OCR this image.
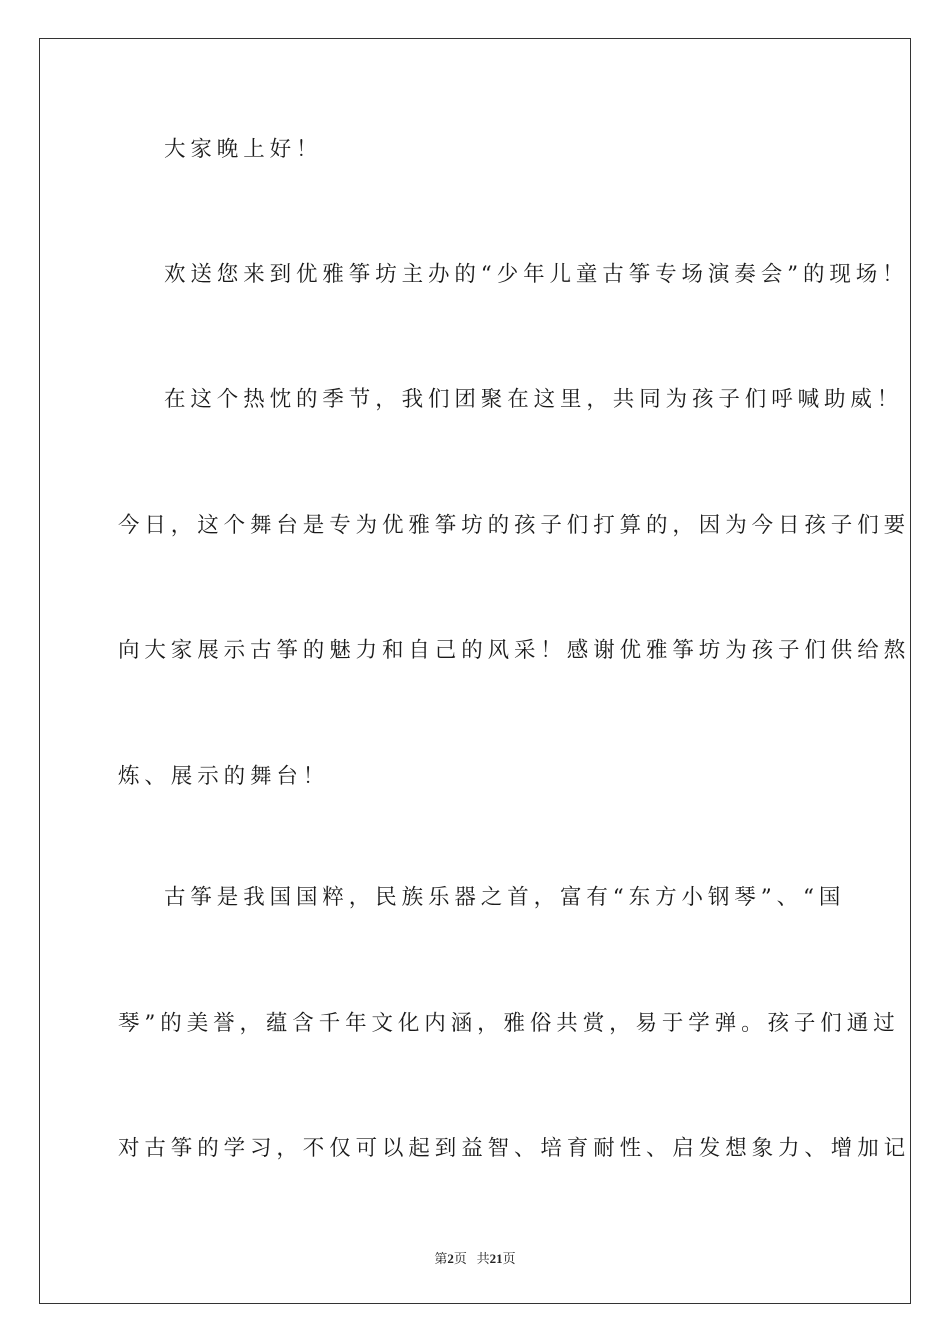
大家晚上好！
欢送您来到优雅筝坊主办的“少年儿童古筝专场演奏会”的现场！
在这个热忱的季节，我们团聚在这里，共同为孩子们呼喊助威！
今日，这个舞台是专为优雅筝坊的孩子们打算的，因为今日孩子们要
向大家展示古筝的魅力和自己的风采！感谢优雅筝坊为孩子们供给熬
炼、展示的舞台！
古筝是我国国粹，民族乐器之首，富有“东方小钢琴”、“国
琴”的美誉，蕴含千年文化内涵，雅俗共赏，易于学弹。孩子们通过
对古筝的学习，不仅可以起到益智、培育耐性、启发想象力、增加记
第2页 共21页
